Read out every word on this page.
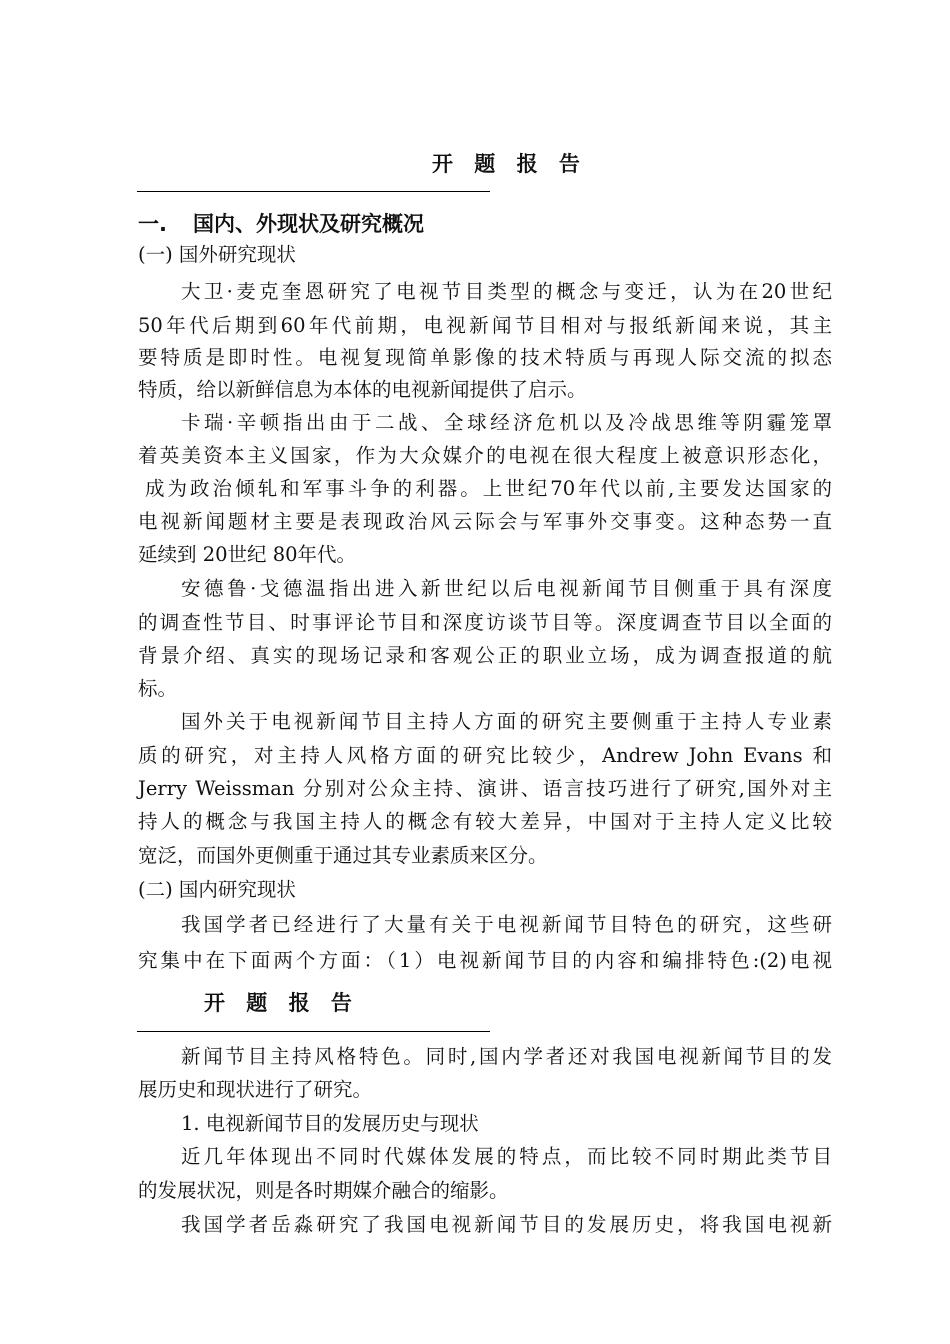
开 题 报 告
一. 国内、外现状及研究概况
(一) 国外研究现状
大卫·麦克奎恩研究了电视节目类型的概念与变迁，认为在20世纪
50年代后期到60年代前期，电视新闻节目相对与报纸新闻来说，其主
要特质是即时性。电视复现简单影像的技术特质与再现人际交流的拟态
特质，给以新鲜信息为本体的电视新闻提供了启示。
卡瑞·辛顿指出由于二战、全球经济危机以及冷战思维等阴霾笼罩
着英美资本主义国家，作为大众媒介的电视在很大程度上被意识形态化，
成为政治倾轧和军事斗争的利器。上世纪70年代以前,主要发达国家的
电视新闻题材主要是表现政治风云际会与军事外交事变。这种态势一直
延续到 20世纪 80年代。
安德鲁·戈德温指出进入新世纪以后电视新闻节目侧重于具有深度
的调查性节目、时事评论节目和深度访谈节目等。深度调查节目以全面的
背景介绍、真实的现场记录和客观公正的职业立场，成为调查报道的航
标。
国外关于电视新闻节目主持人方面的研究主要侧重于主持人专业素
质的研究，对主持人风格方面的研究比较少，Andrew John Evans 和
Jerry Weissman 分别对公众主持、演讲、语言技巧进行了研究,国外对主
持人的概念与我国主持人的概念有较大差异，中国对于主持人定义比较
宽泛，而国外更侧重于通过其专业素质来区分。
(二) 国内研究现状
我国学者已经进行了大量有关于电视新闻节目特色的研究，这些研
究集中在下面两个方面：（1）电视新闻节目的内容和编排特色:(2)电视
开 题 报 告
新闻节目主持风格特色。同时,国内学者还对我国电视新闻节目的发
展历史和现状进行了研究。
1. 电视新闻节目的发展历史与现状
近几年体现出不同时代媒体发展的特点，而比较不同时期此类节目
的发展状况，则是各时期媒介融合的缩影。
我国学者岳淼研究了我国电视新闻节目的发展历史，将我国电视新
